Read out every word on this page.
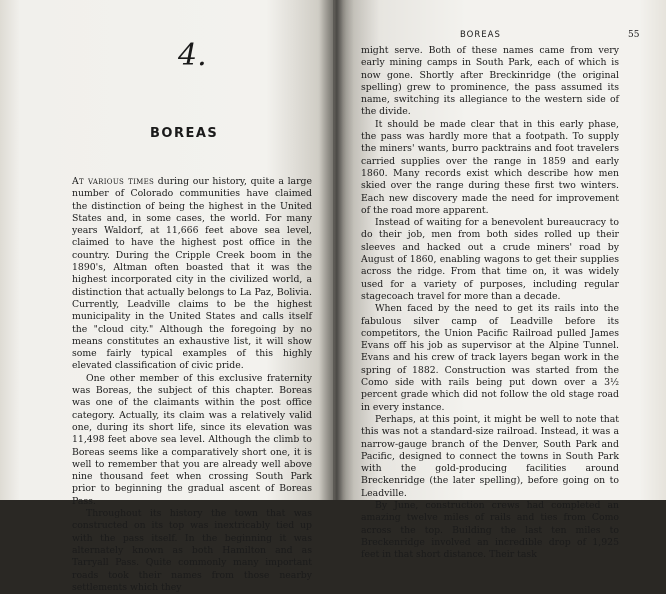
4.
BOREAS

At various times during our history, quite a large number of Colorado communities have claimed the distinction of being the highest in the United States and, in some cases, the world. For many years Waldorf, at 11,666 feet above sea level, claimed to have the highest post office in the country. During the Cripple Creek boom in the 1890's, Altman often boasted that it was the highest incorporated city in the civilized world, a distinction that actually belongs to La Paz, Bolivia. Currently, Leadville claims to be the highest municipality in the United States and calls itself the "cloud city." Although the foregoing by no means constitutes an exhaustive list, it will show some fairly typical examples of this highly elevated classification of civic pride.

One other member of this exclusive fraternity was Boreas, the subject of this chapter. Boreas was one of the claimants within the post office category. Actually, its claim was a relatively valid one, during its short life, since its elevation was 11,498 feet above sea level. Although the climb to Boreas seems like a comparatively short one, it is well to remember that you are already well above nine thousand feet when crossing South Park prior to beginning the gradual ascent of Boreas Pass.

Throughout its history the town that was constructed on its top was inextricably tied up with the pass itself. In the beginning it was alternately known as both Hamilton and as Tarryall Pass. Quite commonly many important roads took their names from those nearby settlements which they

BOREAS	55

might serve. Both of these names came from very early mining camps in South Park, each of which is now gone. Shortly after Breckinridge (the original spelling) grew to prominence, the pass assumed its name, switching its allegiance to the western side of the divide.

It should be made clear that in this early phase, the pass was hardly more that a footpath. To supply the miners' wants, burro packtrains and foot travelers carried supplies over the range in 1859 and early 1860. Many records exist which describe how men skied over the range during these first two winters. Each new discovery made the need for improvement of the road more apparent.

Instead of waiting for a benevolent bureaucracy to do their job, men from both sides rolled up their sleeves and hacked out a crude miners' road by August of 1860, enabling wagons to get their supplies across the ridge. From that time on, it was widely used for a variety of purposes, including regular stagecoach travel for more than a decade.

When faced by the need to get its rails into the fabulous silver camp of Leadville before its competitors, the Union Pacific Railroad pulled James Evans off his job as supervisor at the Alpine Tunnel. Evans and his crew of track layers began work in the spring of 1882. Construction was started from the Como side with rails being put down over a 3½ percent grade which did not follow the old stage road in every instance.

Perhaps, at this point, it might be well to note that this was not a standard-size railroad. Instead, it was a narrow-gauge branch of the Denver, South Park and Pacific, designed to connect the towns in South Park with the gold-producing facilities around Breckenridge (the later spelling), before going on to Leadville.

By June, construction crews had completed an amazing twelve miles of rails and ties from Como across the top. Building the last ten miles to Breckenridge involved an incredible drop of 1,925 feet in that short distance. Their task
